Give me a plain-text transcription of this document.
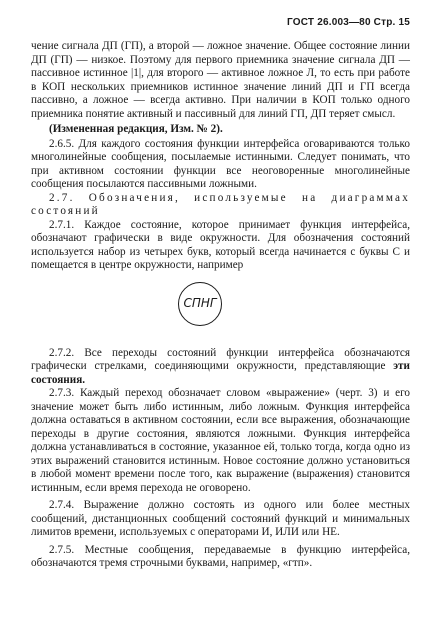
ГОСТ 26.003—80 Стр. 15

чение сигнала ДП (ГП), а второй — ложное значение. Общее состояние линии ДП (ГП) — низкое. Поэтому для первого приемника значение сигнала ДП — пассивное истинное |1|, для второго — активное ложное Л, то есть при работе в КОП нескольких приемников истинное значение линий ДП и ГП всегда пассивно, а ложное — всегда активно. При наличии в КОП только одного приемника понятие активный и пассивный для линий ГП, ДП теряет смысл.

(Измененная редакция, Изм. № 2).

2.6.5. Для каждого состояния функции интерфейса оговариваются только многолинейные сообщения, посылаемые истинными. Следует понимать, что при активном состоянии функции все неоговоренные многолинейные сообщения посылаются пассивными ложными.

2.7. Обозначения, используемые на диаграммах состояний

2.7.1. Каждое состояние, которое принимает функция интерфейса, обозначают графически в виде окружности. Для обозначения состояний используется набор из четырех букв, который всегда начинается с буквы С и помещается в центре окружности, например

СПНГ

2.7.2. Все переходы состояний функции интерфейса обозначаются графически стрелками, соединяющими окружности, представляющие эти состояния.

2.7.3. Каждый переход обозначает словом «выражение» (черт. 3) и его значение может быть либо истинным, либо ложным. Функция интерфейса должна оставаться в активном состоянии, если все выражения, обозначающие переходы в другие состояния, являются ложными. Функция интерфейса должна устанавливаться в состояние, указанное ей, только тогда, когда одно из этих выражений становится истинным. Новое состояние должно установиться в любой момент времени после того, как выражение (выражения) становится истинным, если время перехода не оговорено.

2.7.4. Выражение должно состоять из одного или более местных сообщений, дистанционных сообщений состояний функций и минимальных лимитов времени, используемых с операторами И, ИЛИ или НЕ.

2.7.5. Местные сообщения, передаваемые в функцию интерфейса, обозначаются тремя строчными буквами, например, «гтп».
